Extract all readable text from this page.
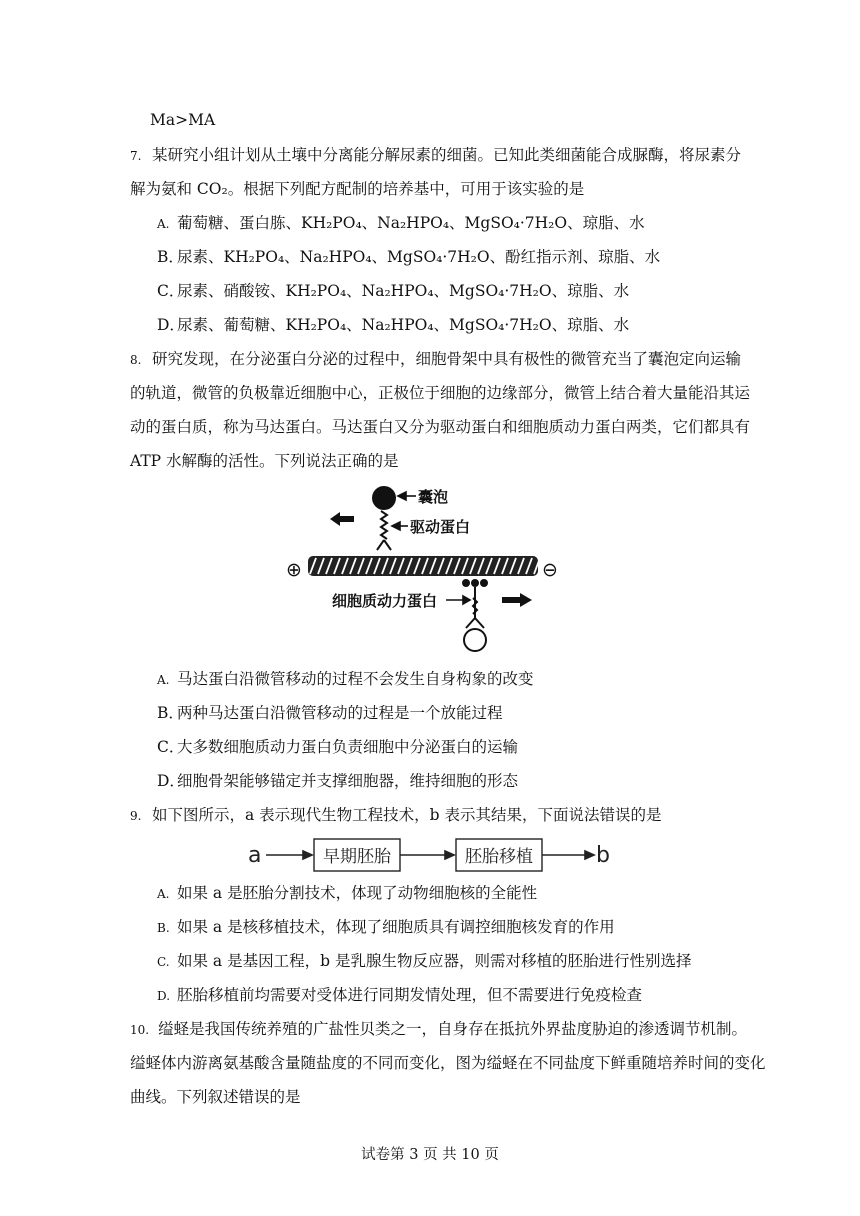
Ma>MA
7. 某研究小组计划从土壤中分离能分解尿素的细菌。已知此类细菌能合成脲酶，将尿素分
解为氨和 CO₂。根据下列配方配制的培养基中，可用于该实验的是
A. 葡萄糖、蛋白胨、KH₂PO₄、Na₂HPO₄、MgSO₄·7H₂O、琼脂、水
B．尿素、KH₂PO₄、Na₂HPO₄、MgSO₄·7H₂O、酚红指示剂、琼脂、水
C．尿素、硝酸铵、KH₂PO₄、Na₂HPO₄、MgSO₄·7H₂O、琼脂、水
D．尿素、葡萄糖、KH₂PO₄、Na₂HPO₄、MgSO₄·7H₂O、琼脂、水
8. 研究发现，在分泌蛋白分泌的过程中，细胞骨架中具有极性的微管充当了囊泡定向运输
的轨道，微管的负极靠近细胞中心，正极位于细胞的边缘部分，微管上结合着大量能沿其运
动的蛋白质，称为马达蛋白。马达蛋白又分为驱动蛋白和细胞质动力蛋白两类，它们都具有
ATP 水解酶的活性。下列说法正确的是
⊕	⊖
囊泡
驱动蛋白
细胞质动力蛋白
A. 马达蛋白沿微管移动的过程不会发生自身构象的改变
B．两种马达蛋白沿微管移动的过程是一个放能过程
C．大多数细胞质动力蛋白负责细胞中分泌蛋白的运输
D．细胞骨架能够锚定并支撑细胞器，维持细胞的形态
9. 如下图所示，a 表示现代生物工程技术，b 表示其结果，下面说法错误的是
a	早期胚胎	胚胎移植	b
A. 如果 a 是胚胎分割技术，体现了动物细胞核的全能性
B. 如果 a 是核移植技术，体现了细胞质具有调控细胞核发育的作用
C. 如果 a 是基因工程，b 是乳腺生物反应器，则需对移植的胚胎进行性别选择
D. 胚胎移植前均需要对受体进行同期发情处理，但不需要进行免疫检查
10. 缢蛏是我国传统养殖的广盐性贝类之一，自身存在抵抗外界盐度胁迫的渗透调节机制。
缢蛏体内游离氨基酸含量随盐度的不同而变化，图为缢蛏在不同盐度下鲜重随培养时间的变化
曲线。下列叙述错误的是
试卷第 3 页 共 10 页
